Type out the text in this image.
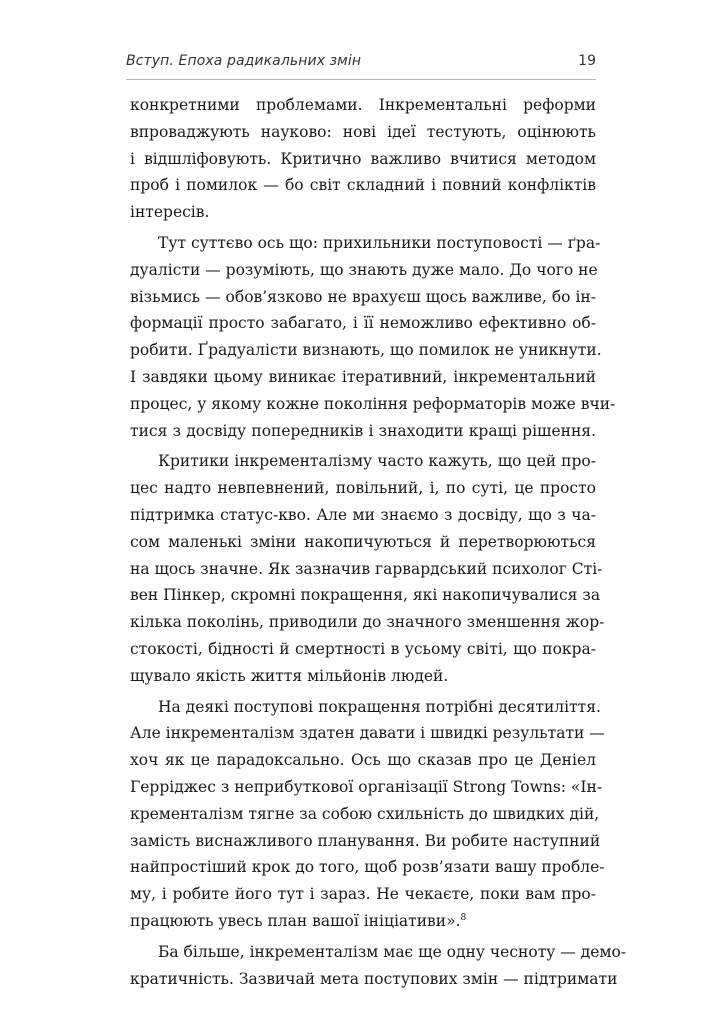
Вступ. Епоха радикальних змін	19
конкретними проблемами. Інкрементальні реформи
впроваджують науково: нові ідеї тестують, оцінюють
і відшліфовують. Критично важливо вчитися методом
проб і помилок — бо світ складний і повний конфліктів
інтересів.
Тут суттєво ось що: прихильники поступовості — ґра-
дуалісти — розуміють, що знають дуже мало. До чого не
візьмись — обов’язково не врахуєш щось важливе, бо ін-
формації просто забагато, і її неможливо ефективно об-
робити. Ґрадуалісти визнають, що помилок не уникнути.
І завдяки цьому виникає ітеративний, інкрементальний
процес, у якому кожне покоління реформаторів може вчи-
тися з досвіду попередників і знаходити кращі рішення.
Критики інкременталізму часто кажуть, що цей про-
цес надто невпевнений, повільний, і, по суті, це просто
підтримка статус-кво. Але ми знаємо з досвіду, що з ча-
сом маленькі зміни накопичуються й перетворюються
на щось значне. Як зазначив гарвардський психолог Сті-
вен Пінкер, скромні покращення, які накопичувалися за
кілька поколінь, приводили до значного зменшення жор-
стокості, бідності й смертності в усьому світі, що покра-
щувало якість життя мільйонів людей.
На деякі поступові покращення потрібні десятиліття.
Але інкременталізм здатен давати і швидкі результати —
хоч як це парадоксально. Ось що сказав про це Деніел
Герріджес з неприбуткової організації Strong Towns: «Ін-
кременталізм тягне за собою схильність до швидких дій,
замість виснажливого планування. Ви робите наступний
найпростіший крок до того, щоб розв’язати вашу пробле-
му, і робите його тут і зараз. Не чекаєте, поки вам про-
працюють увесь план вашої ініціативи».$^8$
Ба більше, інкременталізм має ще одну чесноту — демо-
кратичність. Зазвичай мета поступових змін — підтримати
